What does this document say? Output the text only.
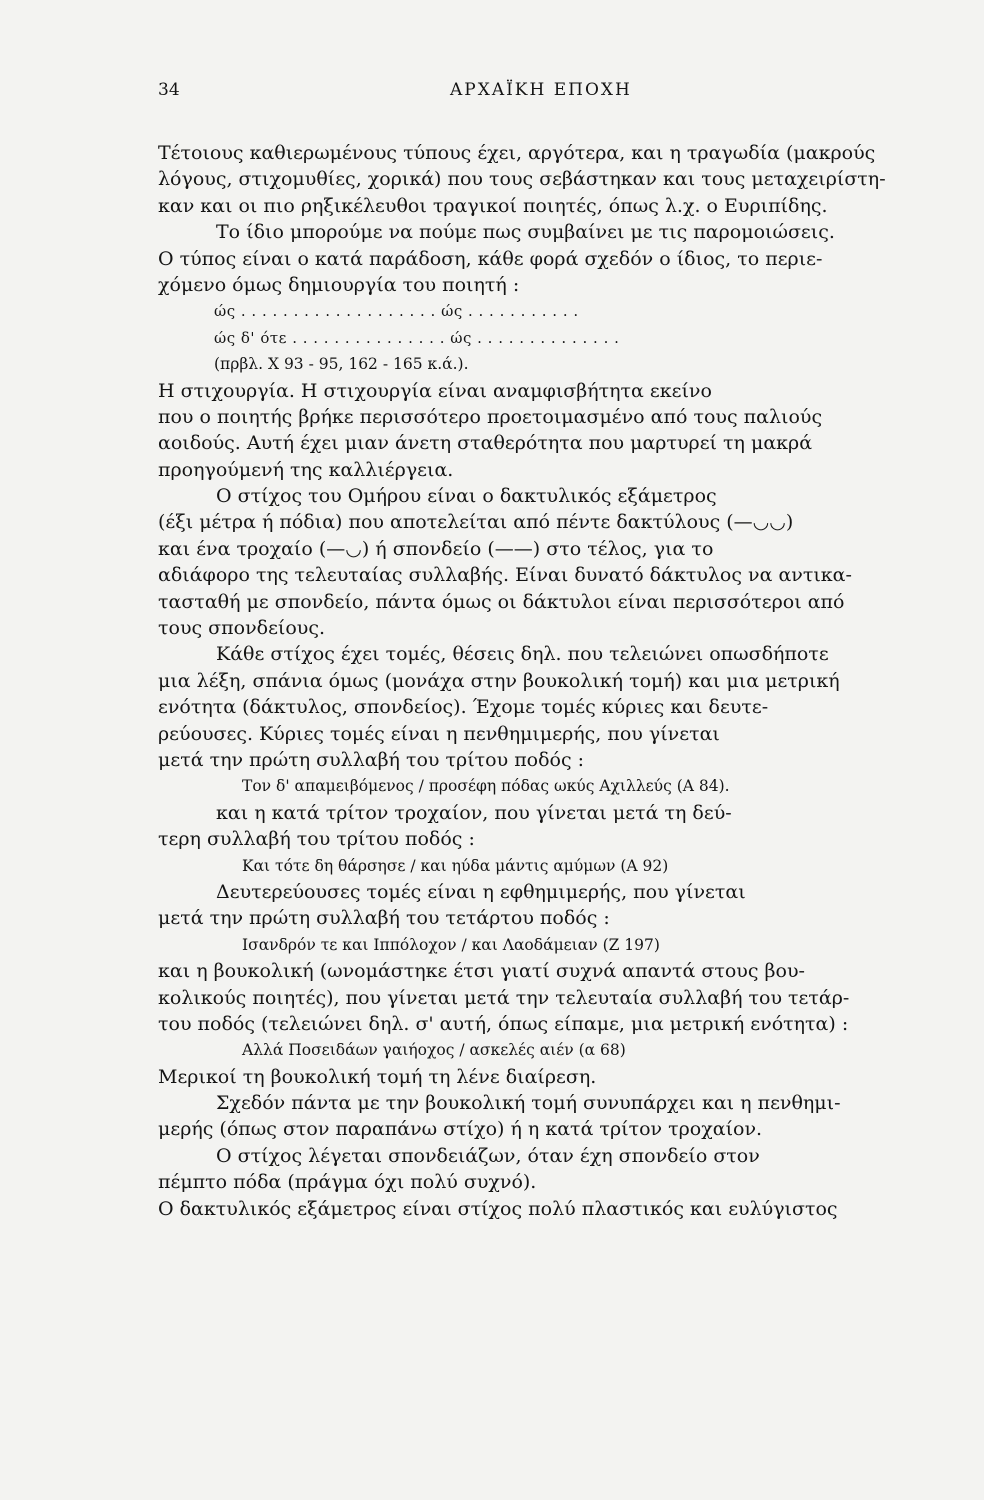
34	ΑΡΧΑΪΚΗ ΕΠΟΧΗ
Τέτοιους καθιερωμένους τύπους έχει, αργότερα, και η τραγωδία (μακρούς
λόγους, στιχομυθίες, χορικά) που τους σεβάστηκαν και τους μεταχειρίστη-
καν και οι πιο ρηξικέλευθοι τραγικοί ποιητές, όπως λ.χ. ο Ευριπίδης.
Το ίδιο μπορούμε να πούμε πως συμβαίνει με τις παρομοιώσεις.
Ο τύπος είναι ο κατά παράδοση, κάθε φορά σχεδόν ο ίδιος, το περιε-
χόμενο όμως δημιουργία του ποιητή :
ώς . . . . . . . . . . . . . . . . . . . ώς . . . . . . . . . . .
ώς δ' ότε . . . . . . . . . . . . . . . ώς . . . . . . . . . . . . . .
(πρβλ. Χ 93 - 95, 162 - 165 κ.ά.).
Η στιχουργία. Η στιχουργία είναι αναμφισβήτητα εκείνο
που ο ποιητής βρήκε περισσότερο προετοιμασμένο από τους παλιούς
αοιδούς. Αυτή έχει μιαν άνετη σταθερότητα που μαρτυρεί τη μακρά
προηγούμενή της καλλιέργεια.
Ο στίχος του Ομήρου είναι ο δακτυλικός εξάμετρος
(έξι μέτρα ή πόδια) που αποτελείται από πέντε δακτύλους (—◡◡)
και ένα τροχαίο (—◡) ή σπονδείο (——) στο τέλος, για το
αδιάφορο της τελευταίας συλλαβής. Είναι δυνατό δάκτυλος να αντικα-
τασταθή με σπονδείο, πάντα όμως οι δάκτυλοι είναι περισσότεροι από
τους σπονδείους.
Κάθε στίχος έχει τομές, θέσεις δηλ. που τελειώνει οπωσδήποτε
μια λέξη, σπάνια όμως (μονάχα στην βουκολική τομή) και μια μετρική
ενότητα (δάκτυλος, σπονδείος). Έχομε τομές κύριες και δευτε-
ρεύουσες. Κύριες τομές είναι η πενθημιμερής, που γίνεται
μετά την πρώτη συλλαβή του τρίτου ποδός :
Τον δ' απαμειβόμενος / προσέφη πόδας ωκύς Αχιλλεύς (Α 84).
και η κατά τρίτον τροχαίον, που γίνεται μετά τη δεύ-
τερη συλλαβή του τρίτου ποδός :
Και τότε δη θάρσησε / και ηύδα μάντις αμύμων (Α 92)
Δευτερεύουσες τομές είναι η εφθημιμερής, που γίνεται
μετά την πρώτη συλλαβή του τετάρτου ποδός :
Ισανδρόν τε και Ιππόλοχον / και Λαοδάμειαν (Ζ 197)
και η βουκολική (ωνομάστηκε έτσι γιατί συχνά απαντά στους βου-
κολικούς ποιητές), που γίνεται μετά την τελευταία συλλαβή του τετάρ-
του ποδός (τελειώνει δηλ. σ' αυτή, όπως είπαμε, μια μετρική ενότητα) :
Αλλά Ποσειδάων γαιήοχος / ασκελές αιέν (α 68)
Μερικοί τη βουκολική τομή τη λένε διαίρεση.
Σχεδόν πάντα με την βουκολική τομή συνυπάρχει και η πενθημι-
μερής (όπως στον παραπάνω στίχο) ή η κατά τρίτον τροχαίον.
Ο στίχος λέγεται σπονδειάζων, όταν έχη σπονδείο στον
πέμπτο πόδα (πράγμα όχι πολύ συχνό).
Ο δακτυλικός εξάμετρος είναι στίχος πολύ πλαστικός και ευλύγιστος
